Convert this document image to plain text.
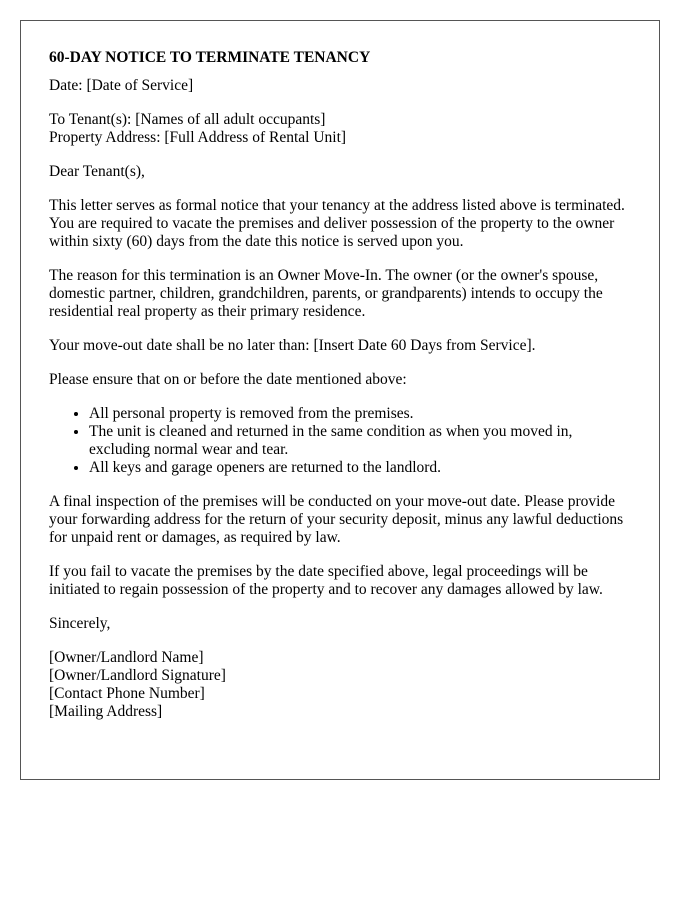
60-DAY NOTICE TO TERMINATE TENANCY

Date: [Date of Service]

To Tenant(s): [Names of all adult occupants]
Property Address: [Full Address of Rental Unit]

Dear Tenant(s),

This letter serves as formal notice that your tenancy at the address listed above is terminated. You are required to vacate the premises and deliver possession of the property to the owner within sixty (60) days from the date this notice is served upon you.

The reason for this termination is an Owner Move-In. The owner (or the owner's spouse, domestic partner, children, grandchildren, parents, or grandparents) intends to occupy the residential real property as their primary residence.

Your move-out date shall be no later than: [Insert Date 60 Days from Service].

Please ensure that on or before the date mentioned above:

• All personal property is removed from the premises.
• The unit is cleaned and returned in the same condition as when you moved in, excluding normal wear and tear.
• All keys and garage openers are returned to the landlord.

A final inspection of the premises will be conducted on your move-out date. Please provide your forwarding address for the return of your security deposit, minus any lawful deductions for unpaid rent or damages, as required by law.

If you fail to vacate the premises by the date specified above, legal proceedings will be initiated to regain possession of the property and to recover any damages allowed by law.

Sincerely,

[Owner/Landlord Name]
[Owner/Landlord Signature]
[Contact Phone Number]
[Mailing Address]
